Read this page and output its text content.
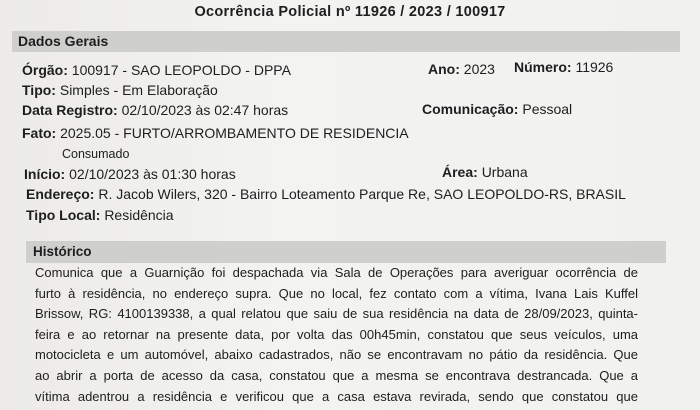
Ocorrência Policial nº 11926 / 2023 / 100917
Dados Gerais
Órgão: 100917 - SAO LEOPOLDO - DPPA	Ano: 2023 Número: 11926
Tipo: Simples - Em Elaboração
Data Registro: 02/10/2023 às 02:47 horas	Comunicação: Pessoal
Fato: 2025.05 - FURTO/ARROMBAMENTO DE RESIDENCIA
Consumado
Início: 02/10/2023 às 01:30 horas	Área: Urbana
Endereço: R. Jacob Wilers, 320 - Bairro Loteamento Parque Re, SAO LEOPOLDO-RS, BRASIL
Tipo Local: Residência
Histórico
Comunica que a Guarnição foi despachada via Sala de Operações para averiguar ocorrência de
furto à residência, no endereço supra. Que no local, fez contato com a vítima, Ivana Lais Kuffel
Brissow, RG: 4100139338, a qual relatou que saiu de sua residência na data de 28/09/2023, quinta-
feira e ao retornar na presente data, por volta das 00h45min, constatou que seus veículos, uma
motocicleta e um automóvel, abaixo cadastrados, não se encontravam no pátio da residência. Que
ao abrir a porta de acesso da casa, constatou que a mesma se encontrava destrancada. Que a
vítima adentrou a residência e verificou que a casa estava revirada, sendo que constatou que
